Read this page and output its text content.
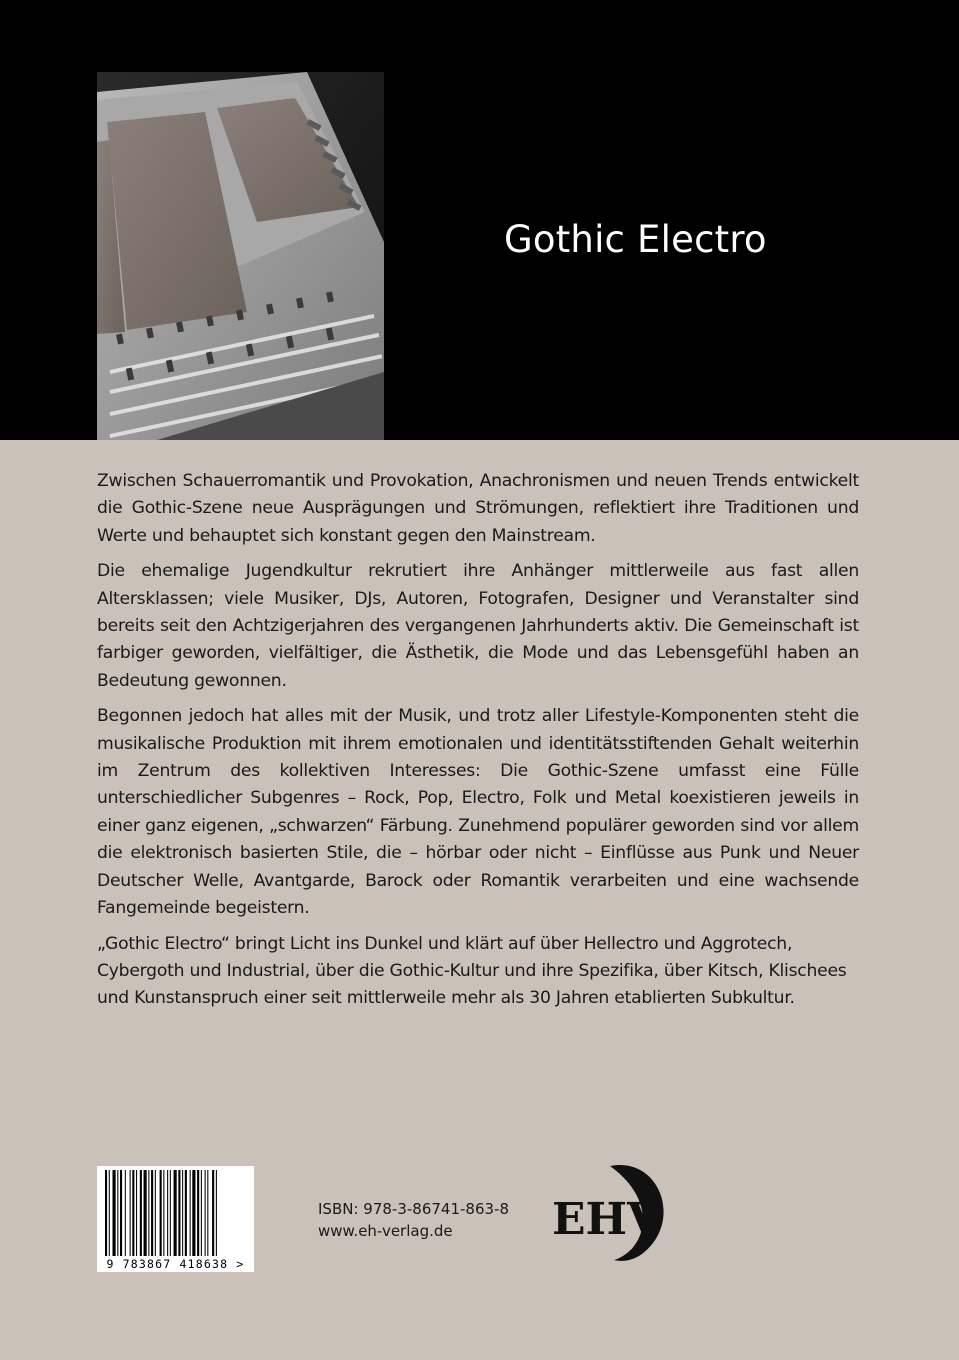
Gothic Electro

Zwischen Schauerromantik und Provokation, Anachronismen und neuen Trends entwickelt die Gothic-Szene neue Ausprägungen und Strömungen, reflektiert ihre Traditionen und Werte und behauptet sich konstant gegen den Mainstream.

Die ehemalige Jugendkultur rekrutiert ihre Anhänger mittlerweile aus fast allen Altersklassen; viele Musiker, DJs, Autoren, Fotografen, Designer und Veranstalter sind bereits seit den Achtzigerjahren des vergangenen Jahrhunderts aktiv. Die Gemeinschaft ist farbiger geworden, vielfältiger, die Ästhetik, die Mode und das Lebensgefühl haben an Bedeutung gewonnen.

Begonnen jedoch hat alles mit der Musik, und trotz aller Lifestyle-Komponenten steht die musikalische Produktion mit ihrem emotionalen und identitätsstiftenden Gehalt weiterhin im Zentrum des kollektiven Interesses: Die Gothic-Szene umfasst eine Fülle unterschiedlicher Subgenres – Rock, Pop, Electro, Folk und Metal koexistieren jeweils in einer ganz eigenen, „schwarzen“ Färbung. Zunehmend populärer geworden sind vor allem die elektronisch basierten Stile, die – hörbar oder nicht – Einflüsse aus Punk und Neuer Deutscher Welle, Avantgarde, Barock oder Romantik verarbeiten und eine wachsende Fangemeinde begeistern.

„Gothic Electro“ bringt Licht ins Dunkel und klärt auf über Hellectro und Aggrotech, Cybergoth und Industrial, über die Gothic-Kultur und ihre Spezifika, über Kitsch, Klischees und Kunstanspruch einer seit mittlerweile mehr als 30 Jahren etablierten Subkultur.

9 783867 418638 >
ISBN: 978-3-86741-863-8
www.eh-verlag.de	EHV
